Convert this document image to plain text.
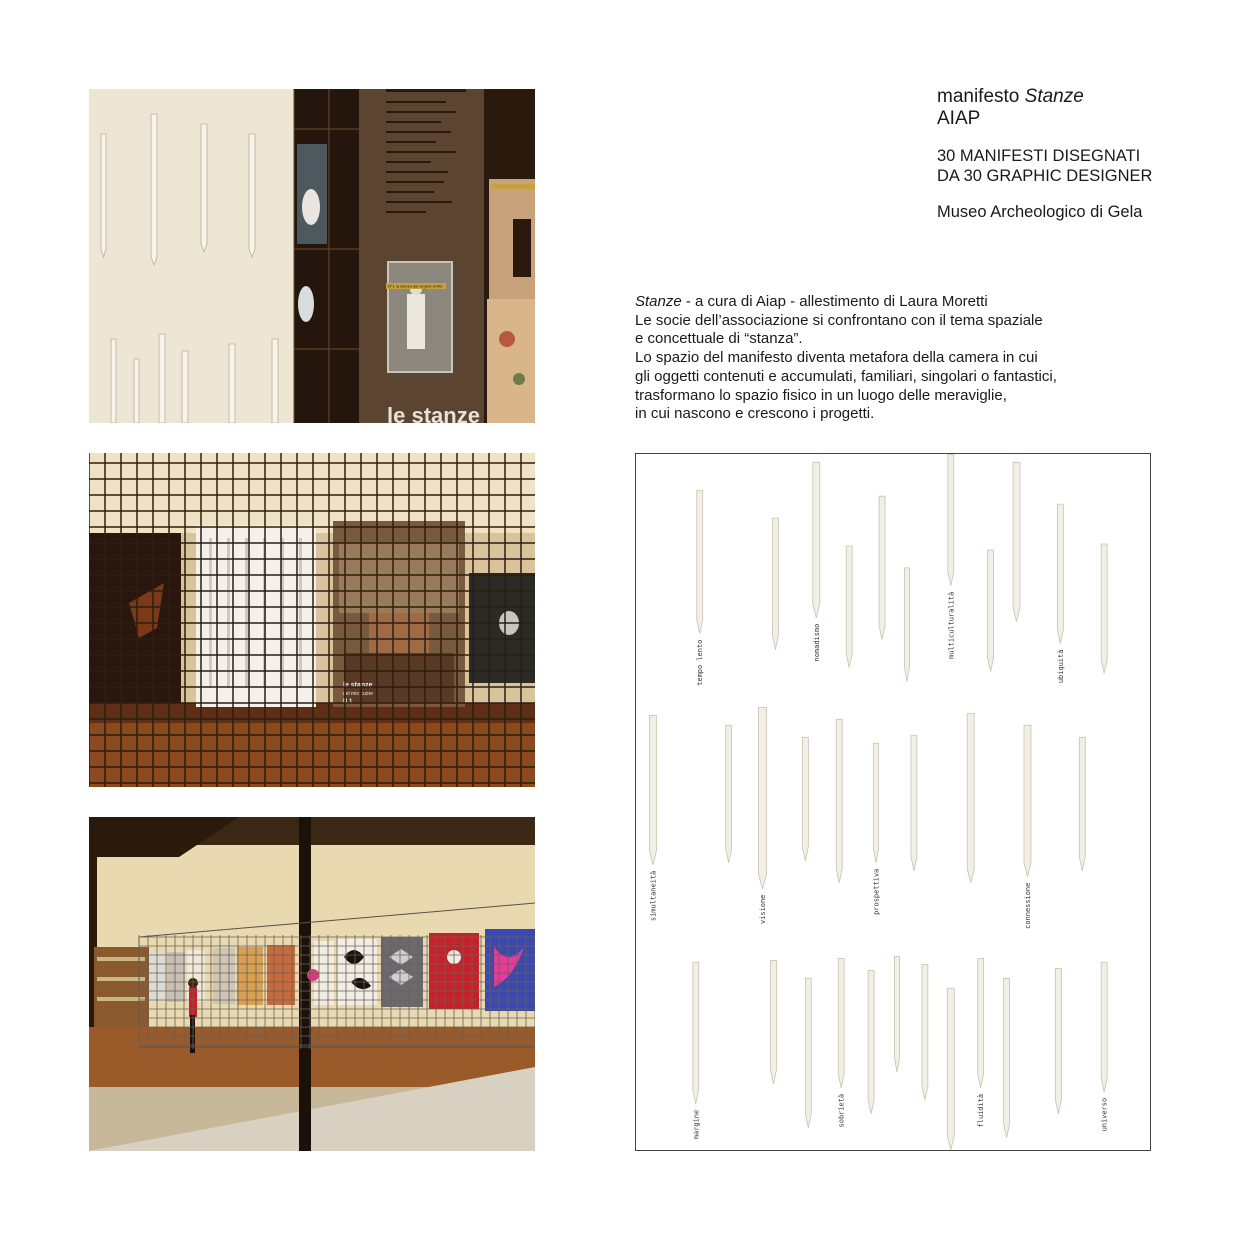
N°1 la stanza dei segreti di Aia
le stanze
le stanze
del mio cuore
N.1
manifesto Stanze
AIAP
30 MANIFESTI DISEGNATI
DA 30 GRAPHIC DESIGNER
Museo Archeologico di Gela
Stanze - a cura di Aiap - allestimento di Laura Moretti
Le socie dell’associazione si confrontano con il tema spaziale
e concettuale di “stanza”.
Lo spazio del manifesto diventa metafora della camera in cui
gli oggetti contenuti e accumulati, familiari, singolari o fantastici,
trasformano lo spazio fisico in un luogo delle meraviglie,
in cui nascono e crescono i progetti.
tempo lento	nomadismo	multiculturalità
ubiquità
simultaneità	visione	prospettiva	connessione
margine	sobrietà	fluidità	universo
